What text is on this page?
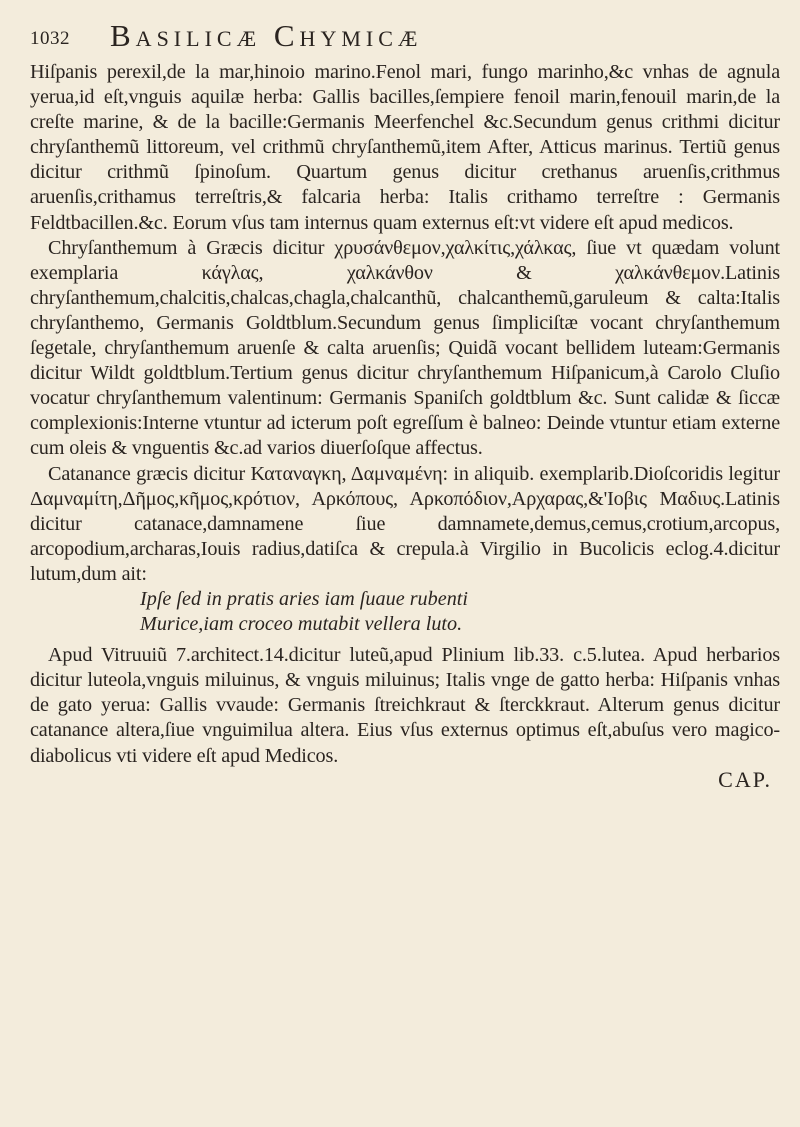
1032 Basilicæ Chymicæ

Hiſpanis perexil,de la mar,hinoio marino.Fenol mari, fungo marinho,&c vnhas de agnula yerua,id eſt,vnguis aquilæ herba: Gallis bacilles,ſempiere fenoil marin,fenouil marin,de la creſte marine, & de la bacille:Germanis Meerfenchel &c.Secundum genus crithmi dicitur chryſanthemũ littoreum, vel crithmũ chryſanthemũ,item After, Atticus marinus. Tertiũ genus dicitur crithmũ ſpinoſum. Quartum genus dicitur crethanus aruenſis,crithmus aruenſis,crithamus terreſtris,& falcaria herba: Italis crithamo terreſtre : Germanis Feldtbacillen.&c. Eorum vſus tam internus quam externus eſt:vt videre eſt apud medicos.

Chryſanthemum à Græcis dicitur χρυσάνθεμον,χαλκίτις,χάλκας, ſiue vt quædam volunt exemplaria κάγλας, χαλκάνθον & χαλκάνθεμον.Latinis chryſanthemum,chalcitis,chalcas,chagla,chalcanthũ, chalcanthemũ,garuleum & calta:Italis chryſanthemo, Germanis Goldtblum.Secundum genus ſimpliciſtæ vocant chryſanthemum ſegetale, chryſanthemum aruenſe & calta aruenſis; Quidã vocant bellidem luteam:Germanis dicitur Wildt goldtblum.Tertium genus dicitur chryſanthemum Hiſpanicum,à Carolo Cluſio vocatur chryſanthemum valentinum: Germanis Spaniſch goldtblum &c. Sunt calidæ & ſiccæ complexionis:Interne vtuntur ad icterum poſt egreſſum è balneo: Deinde vtuntur etiam externe cum oleis & vnguentis &c.ad varios diuerſoſque affectus.

Catanance græcis dicitur Καταναγκη, Δαμναμένη: in aliquib. exemplarib.Dioſcoridis legitur Δαμναμίτη,Δῆμος,κῆμος,κρότιον, Αρκόπους, Αρκοπόδιον,Αρχαρας,&'Ιοβις Μαδιυς.Latinis dicitur catanace,damnamene ſiue damnamete,demus,cemus,crotium,arcopus, arcopodium,archaras,Iouis radius,datiſca & crepula.à Virgilio in Bucolicis eclog.4.dicitur lutum,dum ait:

Ipſe ſed in pratis aries iam ſuaue rubenti
Murice,iam croceo mutabit vellera luto.

Apud Vitruuiũ 7.architect.14.dicitur luteũ,apud Plinium lib.33. c.5.lutea. Apud herbarios dicitur luteola,vnguis miluinus, & vnguis miluinus; Italis vnge de gatto herba: Hiſpanis vnhas de gato yerua: Gallis vvaude: Germanis ſtreichkraut & ſterckkraut. Alterum genus dicitur catanance altera,ſiue vnguimilua altera. Eius vſus externus optimus eſt,abuſus vero magico-diabolicus vti videre eſt apud Medicos.

CAP.
